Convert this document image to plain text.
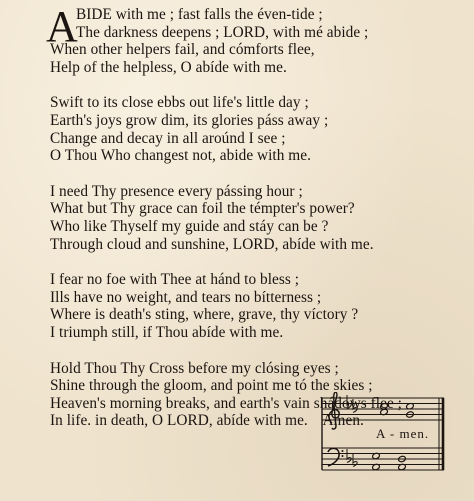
A
BIDE with me ; fast falls the éven-tide ;
The darkness deepens ; LORD, with mé abide ;
When other helpers fail, and cómforts flee,
Help of the helpless, O abíde with me.
Swift to its close ebbs out life's little day ;
Earth's joys grow dim, its glories páss away ;
Change and decay in all aroúnd I see ;
O Thou Who changest not, abide with me.
I need Thy presence every pássing hour ;
What but Thy grace can foil the témpter's power?
Who like Thyself my guide and stáy can be ?
Through cloud and sunshine, LORD, abíde with me.
I fear no foe with Thee at hánd to bless ;
Ills have no weight, and tears no bítterness ;
Where is death's sting, where, grave, thy víctory ?
I triumph still, if Thou abíde with me.
Hold Thou Thy Cross before my clósing eyes ;
Shine through the gloom, and point me tó the skies ;
Heaven's morning breaks, and earth's vain shádows flee ;
In life. in death, O LORD, abíde with me.    Amen.
A - men.
